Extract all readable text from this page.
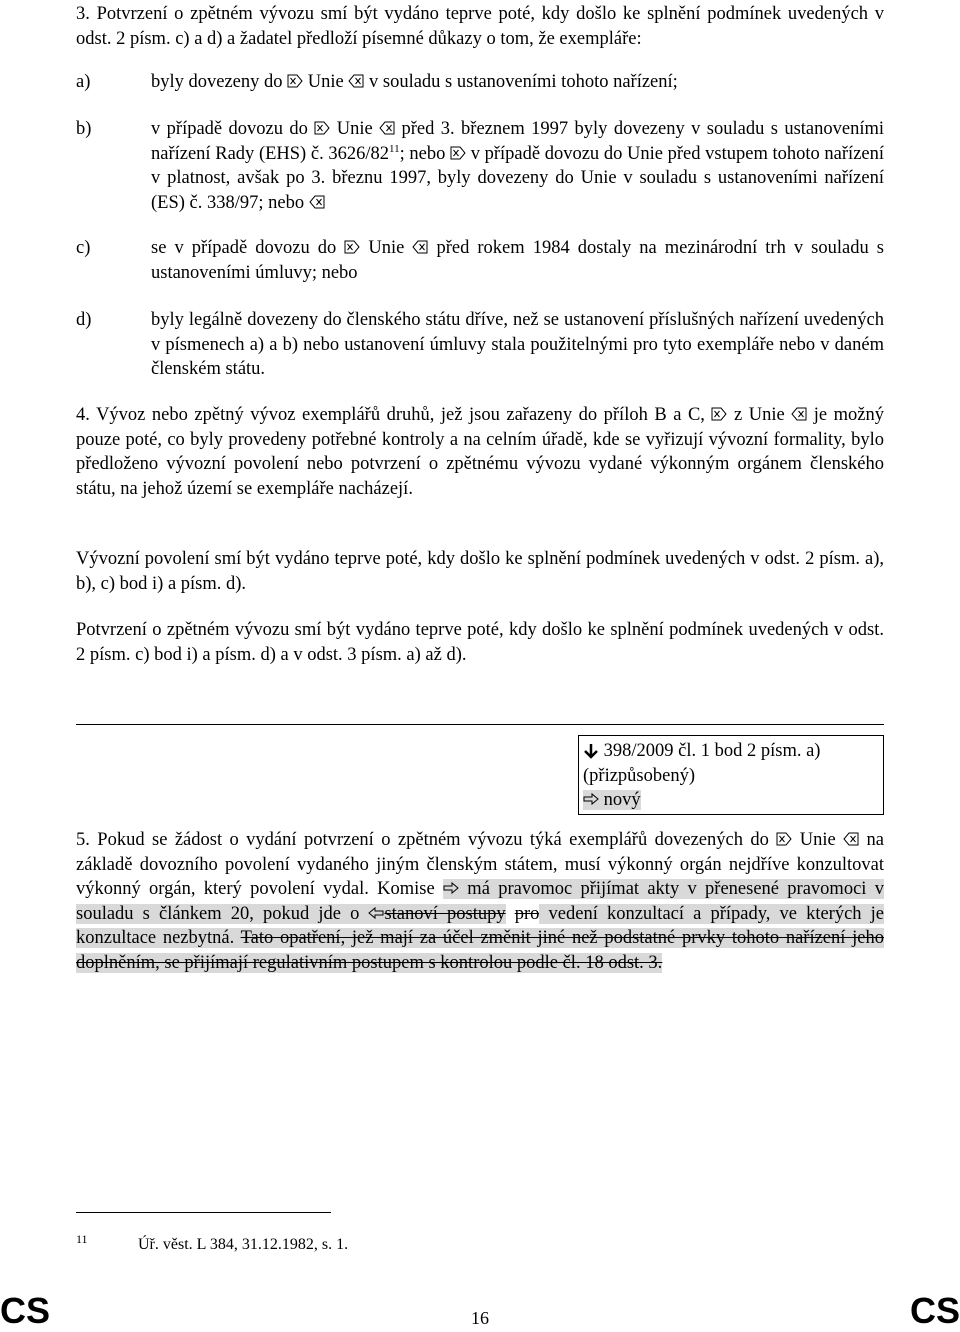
3. Potvrzení o zpětném vývozu smí být vydáno teprve poté, kdy došlo ke splnění podmínek uvedených v odst. 2 písm. c) a d) a žadatel předloží písemné důkazy o tom, že exempláře:
a)	byly dovezeny do
Unie
v souladu s ustanoveními tohoto nařízení;
b)	v případě dovozu do
Unie
před 3. březnem 1997 byly dovezeny v souladu s ustanoveními nařízení Rady (EHS) č. $3626/82^{11}$; nebo
v případě dovozu do Unie před vstupem tohoto nařízení v platnost, avšak po 3. březnu 1997, byly dovezeny do Unie v souladu s ustanoveními nařízení (ES) č. 338/97; nebo
c)	se v případě dovozu do
Unie
před rokem 1984 dostaly na mezinárodní trh v souladu s ustanoveními úmluvy; nebo
d)	byly legálně dovezeny do členského státu dříve, než se ustanovení příslušných nařízení uvedených v písmenech a) a b) nebo ustanovení úmluvy stala použitelnými pro tyto exempláře nebo v daném členském státu.
4. Vývoz nebo zpětný vývoz exemplářů druhů, jež jsou zařazeny do příloh B a C,
z Unie
je možný pouze poté, co byly provedeny potřebné kontroly a na celním úřadě, kde se vyřizují vývozní formality, bylo předloženo vývozní povolení nebo potvrzení o zpětnému vývozu vydané výkonným orgánem členského státu, na jehož území se exempláře nacházejí.
Vývozní povolení smí být vydáno teprve poté, kdy došlo ke splnění podmínek uvedených v odst. 2 písm. a), b), c) bod i) a písm. d).
Potvrzení o zpětném vývozu smí být vydáno teprve poté, kdy došlo ke splnění podmínek uvedených v odst. 2 písm. c) bod i) a písm. d) a v odst. 3 písm. a) až d).
398/2009 čl. 1 bod 2 písm. a)
(přizpůsobený)
nový
5. Pokud se žádost o vydání potvrzení o zpětném vývozu týká exemplářů dovezených do
Unie
na základě dovozního povolení vydaného jiným členským státem, musí výkonný orgán nejdříve konzultovat výkonný orgán, který povolení vydal. Komise
má pravomoc přijímat akty v přenesené pravomoci v souladu s článkem 20, pokud jde o
stanoví postupy pro vedení konzultací a případy, ve kterých je konzultace nezbytná. Tato opatření, jež mají za účel změnit jiné než podstatné prvky tohoto nařízení jeho doplněním, se přijímají regulativním postupem s kontrolou podle čl. 18 odst. 3.
11	Úř. věst. L 384, 31.12.1982, s. 1.
CS	16	CS
